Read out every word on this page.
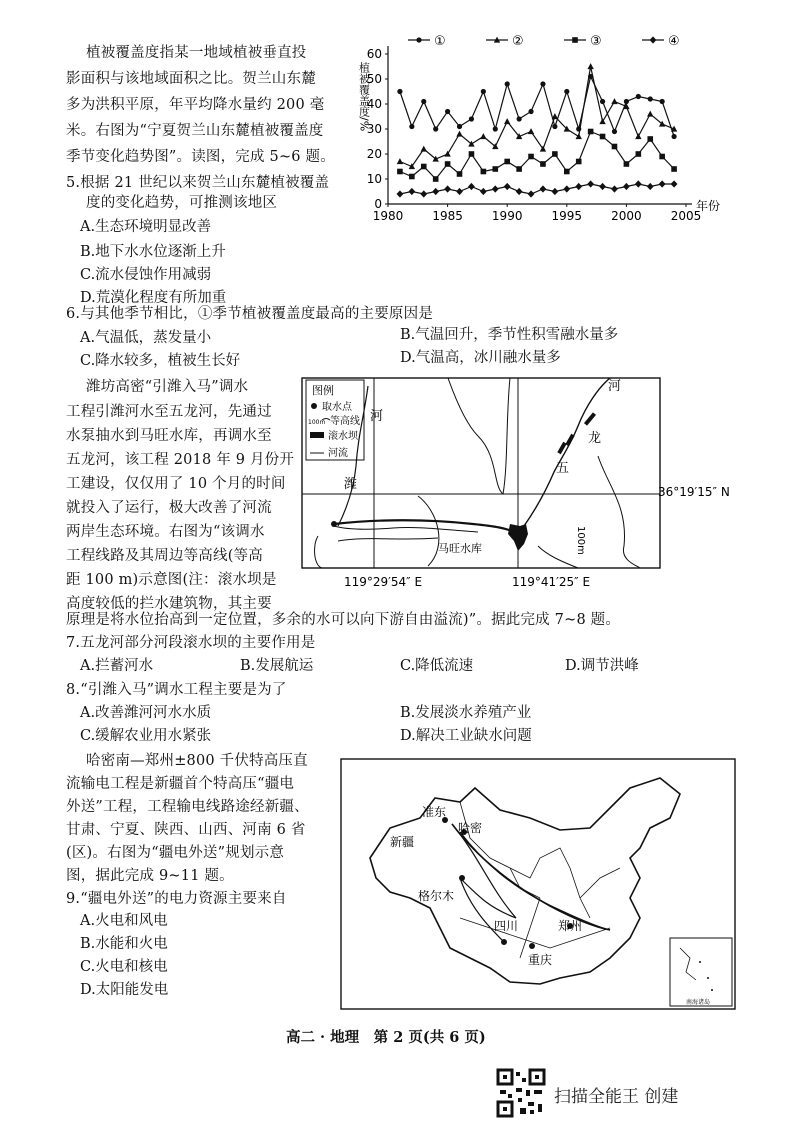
植被覆盖度指某一地域植被垂直投
影面积与该地域面积之比。贺兰山东麓
多为洪积平原，年平均降水量约 200 毫
米。右图为“宁夏贺兰山东麓植被覆盖度
季节变化趋势图”。读图，完成 5~6 题。
0
10
20
30
40
50
60
1980 1985 1990 1995 2000 2005
植被覆盖度/%
年份
①	②	③	④
5.根据 21 世纪以来贺兰山东麓植被覆盖
度的变化趋势，可推测该地区
A.生态环境明显改善
B.地下水水位逐渐上升
C.流水侵蚀作用减弱
D.荒漠化程度有所加重
6.与其他季节相比，①季节植被覆盖度最高的主要原因是
A.气温低，蒸发量小	B.气温回升，季节性积雪融水量多
C.降水较多，植被生长好	D.气温高，冰川融水量多
潍坊高密“引潍入马”调水
工程引潍河水至五龙河，先通过
水泵抽水到马旺水库，再调水至
五龙河，该工程 2018 年 9 月份开
工建设，仅仅用了 10 个月的时间
就投入了运行，极大改善了河流
两岸生态环境。右图为“该调水
工程线路及其周边等高线(等高
距 100 m)示意图(注：滚水坝是
高度较低的拦水建筑物，其主要
原理是将水位抬高到一定位置，多余的水可以向下游自由溢流)”。据此完成 7~8 题。
图例
取水点
100m 等高线
滚水坝
河流
河
潍
河
龙
五
马旺水库	100m
36°19′15″ N
119°29′54″ E	119°41′25″ E
7.五龙河部分河段滚水坝的主要作用是
A.拦蓄河水	B.发展航运	C.降低流速	D.调节洪峰
8.“引潍入马”调水工程主要是为了
A.改善潍河河水水质	B.发展淡水养殖产业
C.缓解农业用水紧张	D.解决工业缺水问题
哈密南—郑州±800 千伏特高压直
流输电工程是新疆首个特高压“疆电
外送”工程，工程输电线路途经新疆、
甘肃、宁夏、陕西、山西、河南 6 省
(区)。右图为“疆电外送”规划示意
图，据此完成 9~11 题。
准东
哈密
新疆
格尔木
四川
重庆
郑州
南海诸岛
9.“疆电外送”的电力资源主要来自
A.火电和风电
B.水能和火电
C.火电和核电
D.太阳能发电
高二 · 地理　第 2 页(共 6 页)
扫描全能王 创建
